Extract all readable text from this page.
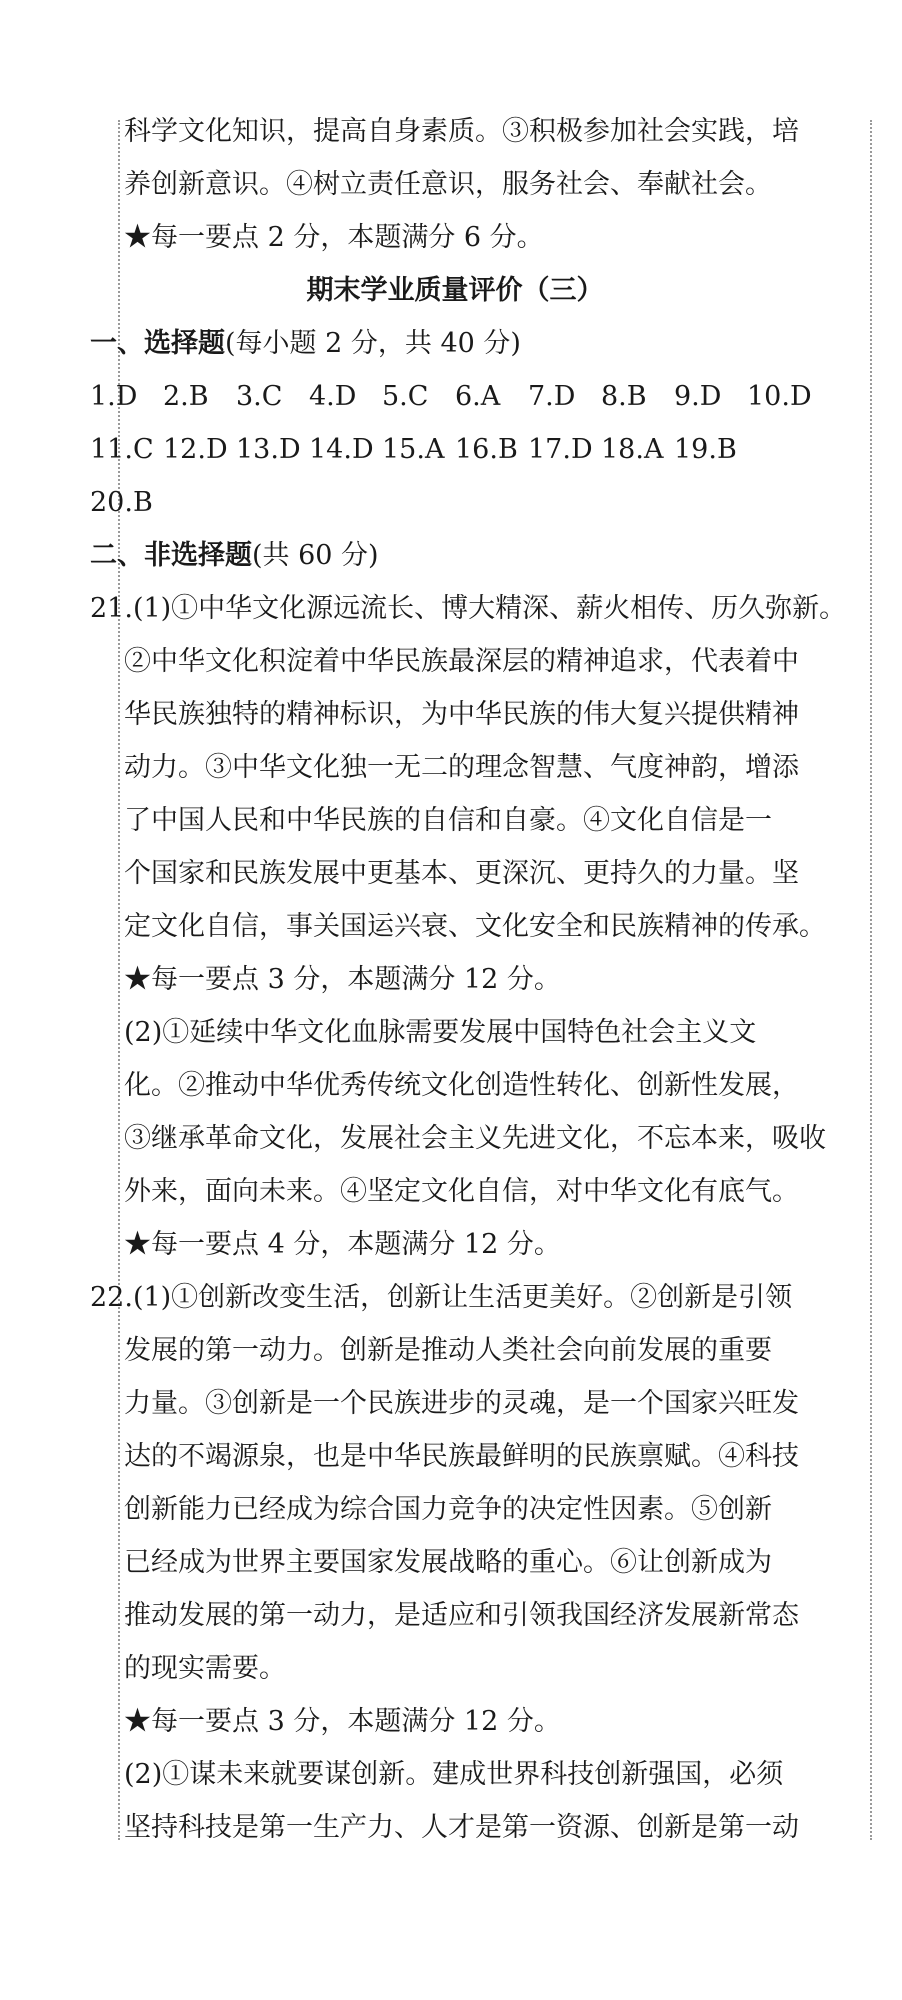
科学文化知识，提高自身素质。③积极参加社会实践，培
养创新意识。④树立责任意识，服务社会、奉献社会。
★每一要点 2 分，本题满分 6 分。
期末学业质量评价（三）
一、选择题(每小题 2 分，共 40 分)
1.D 2.B	3.C 4.D 5.C 6.A	7.D 8.B	9.D 10.D
11.C 12.D 13.D 14.D 15.A 16.B 17.D 18.A 19.B
20.B
二、非选择题(共 60 分)
21.(1)①中华文化源远流长、博大精深、薪火相传、历久弥新。
②中华文化积淀着中华民族最深层的精神追求，代表着中
华民族独特的精神标识，为中华民族的伟大复兴提供精神
动力。③中华文化独一无二的理念智慧、气度神韵，增添
了中国人民和中华民族的自信和自豪。④文化自信是一
个国家和民族发展中更基本、更深沉、更持久的力量。坚
定文化自信，事关国运兴衰、文化安全和民族精神的传承。
★每一要点 3 分，本题满分 12 分。
(2)①延续中华文化血脉需要发展中国特色社会主义文
化。②推动中华优秀传统文化创造性转化、创新性发展，
③继承革命文化，发展社会主义先进文化，不忘本来，吸收
外来，面向未来。④坚定文化自信，对中华文化有底气。
★每一要点 4 分，本题满分 12 分。
22.(1)①创新改变生活，创新让生活更美好。②创新是引领
发展的第一动力。创新是推动人类社会向前发展的重要
力量。③创新是一个民族进步的灵魂，是一个国家兴旺发
达的不竭源泉，也是中华民族最鲜明的民族禀赋。④科技
创新能力已经成为综合国力竞争的决定性因素。⑤创新
已经成为世界主要国家发展战略的重心。⑥让创新成为
推动发展的第一动力，是适应和引领我国经济发展新常态
的现实需要。
★每一要点 3 分，本题满分 12 分。
(2)①谋未来就要谋创新。建成世界科技创新强国，必须
坚持科技是第一生产力、人才是第一资源、创新是第一动
